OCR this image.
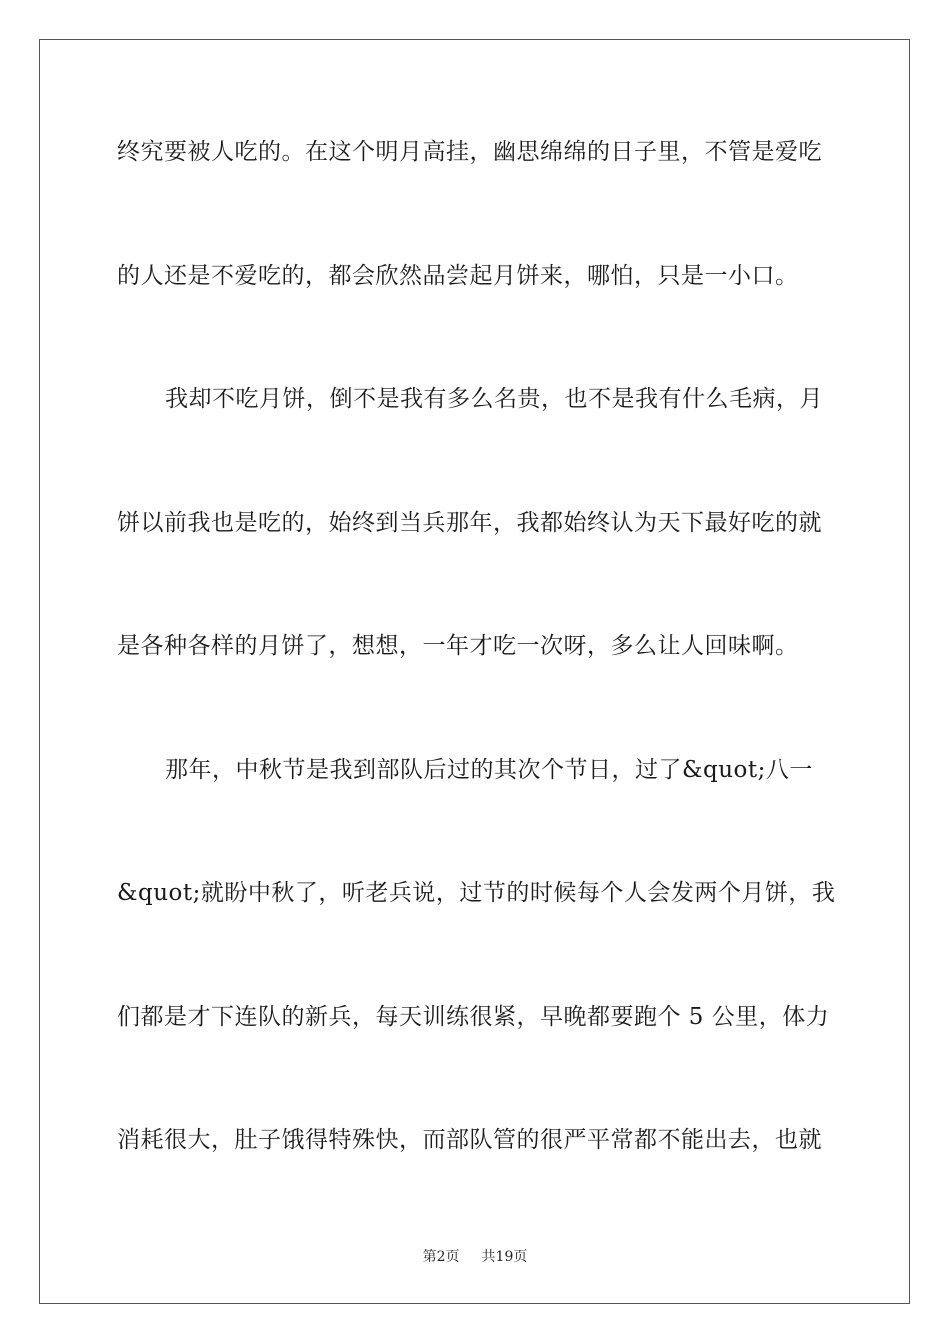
终究要被人吃的。在这个明月高挂，幽思绵绵的日子里，不管是爱吃
的人还是不爱吃的，都会欣然品尝起月饼来，哪怕，只是一小口。
我却不吃月饼，倒不是我有多么名贵，也不是我有什么毛病，月
饼以前我也是吃的，始终到当兵那年，我都始终认为天下最好吃的就
是各种各样的月饼了，想想，一年才吃一次呀，多么让人回味啊。
那年，中秋节是我到部队后过的其次个节日，过了&quot;八一
&quot;就盼中秋了，听老兵说，过节的时候每个人会发两个月饼，我
们都是才下连队的新兵，每天训练很紧，早晚都要跑个 5 公里，体力
消耗很大，肚子饿得特殊快，而部队管的很严平常都不能出去，也就
第2页 共19页
